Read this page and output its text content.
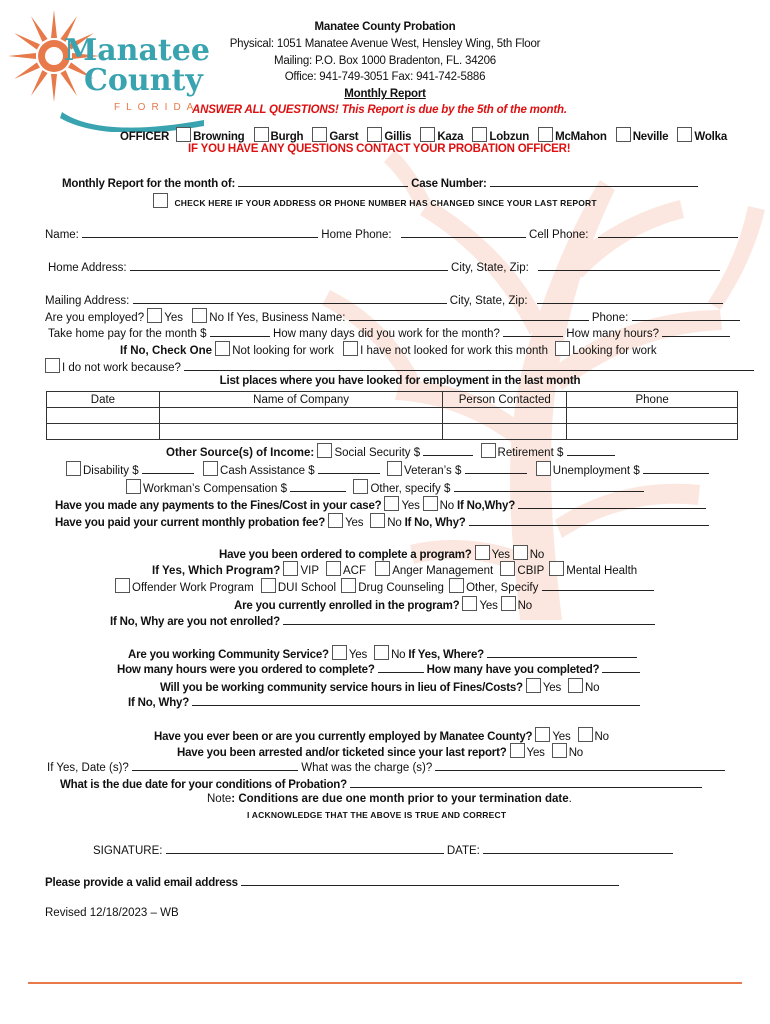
Manatee
County
FLORIDA
Manatee County Probation
Physical: 1051 Manatee Avenue West, Hensley Wing, 5th Floor
Mailing: P.O. Box 1000 Bradenton, FL. 34206
Office: 941-749-3051 Fax: 941-742-5886
Monthly Report
ANSWER ALL QUESTIONS! This Report is due by the 5th of the month.
OFFICER Browning Burgh Garst Gillis Kaza Lobzun McMahon Neville Wolka
IF YOU HAVE ANY QUESTIONS CONTACT YOUR PROBATION OFFICER!
Monthly Report for the month of:	Case Number:
CHECK HERE IF YOUR ADDRESS OR PHONE NUMBER HAS CHANGED SINCE YOUR LAST REPORT
Name:	Home Phone:	Cell Phone:
Home Address:	City, State, Zip:
Mailing Address:	City, State, Zip:
Are you employed? Yes No If Yes, Business Name:	Phone:
Take home pay for the month $	How many days did you work for the month?	How many hours?
If No, Check One Not looking for work I have not looked for work this month Looking for work
I do not work because?
List places where you have looked for employment in the last month
Date	Name of Company	Person Contacted	Phone

Other Source(s) of Income: Social Security $	Retirement $
Disability $	Cash Assistance $	Veteran’s $	Unemployment $
Workman’s Compensation $	Other, specify $
Have you made any payments to the Fines/Cost in your case? Yes No If No,Why?
Have you paid your current monthly probation fee? Yes No If No, Why?
Have you been ordered to complete a program? Yes No
If Yes, Which Program? VIP ACF Anger Management CBIP Mental Health
Offender Work Program DUI School Drug Counseling Other, Specify
Are you currently enrolled in the program? Yes No
If No, Why are you not enrolled?
Are you working Community Service? Yes No If Yes, Where?
How many hours were you ordered to complete?	How many have you completed?
Will you be working community service hours in lieu of Fines/Costs? Yes No
If No, Why?
Have you ever been or are you currently employed by Manatee County? Yes No
Have you been arrested and/or ticketed since your last report? Yes No
If Yes, Date (s)?	What was the charge (s)?
What is the due date for your conditions of Probation?
Note: Conditions are due one month prior to your termination date.
I ACKNOWLEDGE THAT THE ABOVE IS TRUE AND CORRECT
SIGNATURE:	DATE:
Please provide a valid email address
Revised 12/18/2023 – WB
